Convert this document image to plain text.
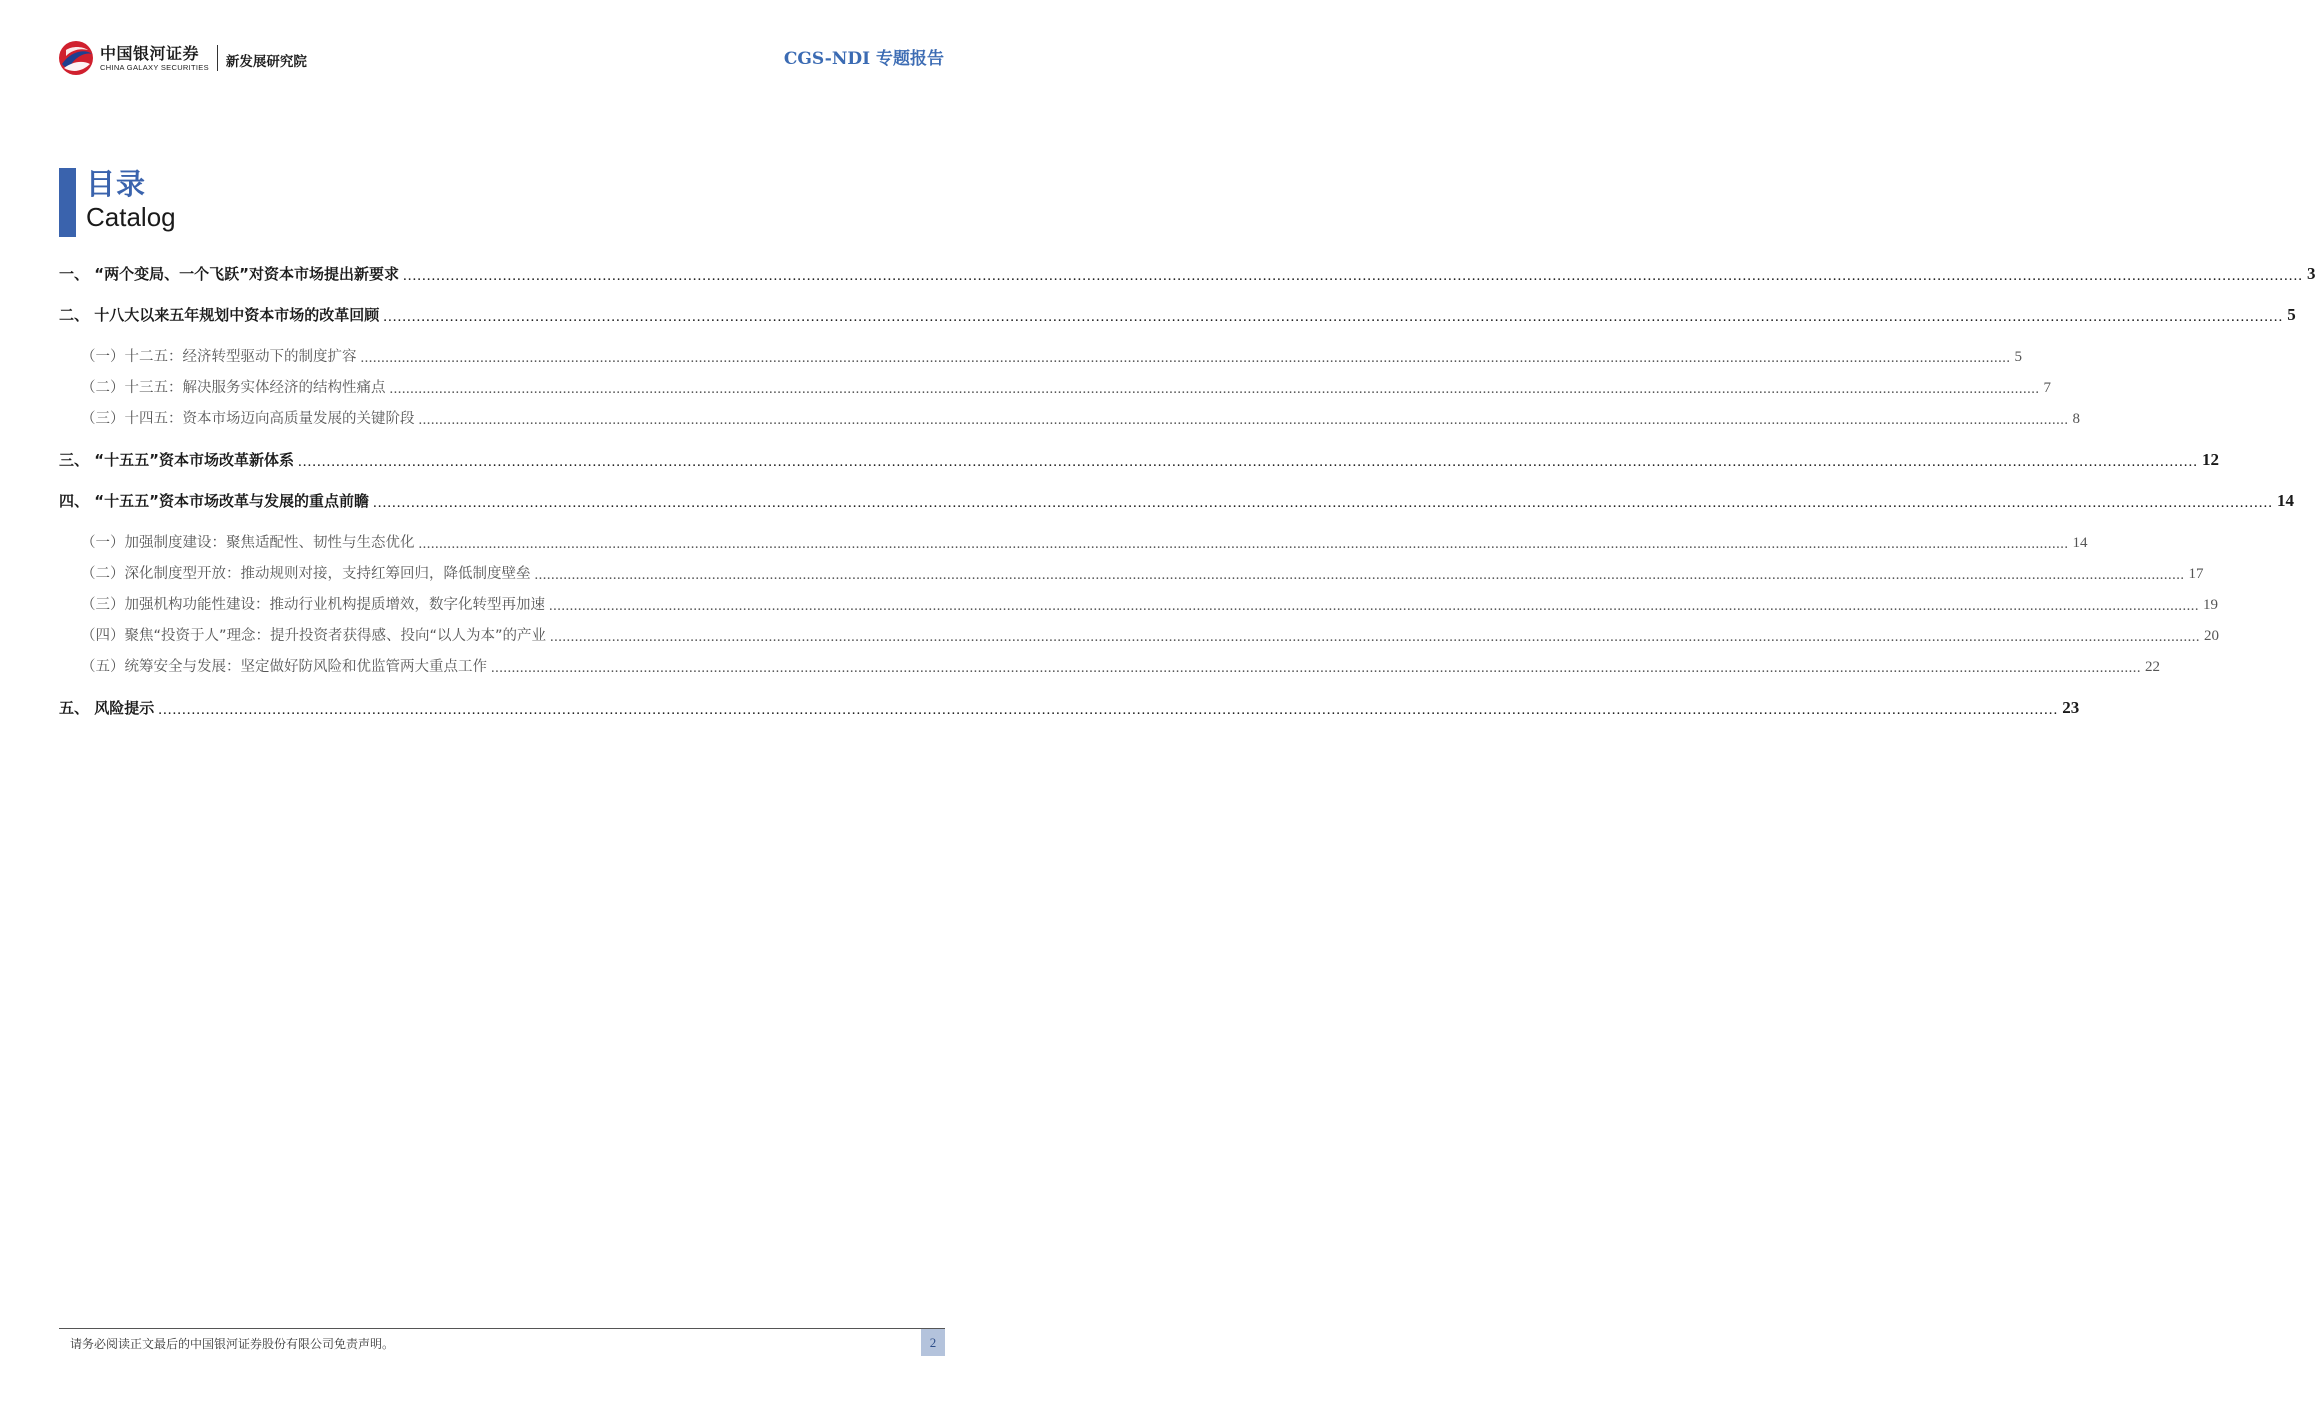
中国银河证券
CHINA GALAXY SECURITIES 新发展研究院	CGS-NDI 专题报告
目录
Catalog
一、 “两个变局、一个飞跃”对资本市场提出新要求 ................................................................................................................................................................................................................................................................................................................................................................................................................ 3
二、 十八大以来五年规划中资本市场的改革回顾 ................................................................................................................................................................................................................................................................................................................................................................................................................ 5
（一）十二五：经济转型驱动下的制度扩容 ................................................................................................................................................................................................................................................................................................................................................................................................................ 5
（二）十三五：解决服务实体经济的结构性痛点 ................................................................................................................................................................................................................................................................................................................................................................................................................ 7
（三）十四五：资本市场迈向高质量发展的关键阶段 ................................................................................................................................................................................................................................................................................................................................................................................................................ 8
三、 “十五五”资本市场改革新体系 ................................................................................................................................................................................................................................................................................................................................................................................................................ 12
四、 “十五五”资本市场改革与发展的重点前瞻 ................................................................................................................................................................................................................................................................................................................................................................................................................ 14
（一）加强制度建设：聚焦适配性、韧性与生态优化 ................................................................................................................................................................................................................................................................................................................................................................................................................ 14
（二）深化制度型开放：推动规则对接，支持红筹回归，降低制度壁垒 ................................................................................................................................................................................................................................................................................................................................................................................................................ 17
（三）加强机构功能性建设：推动行业机构提质增效，数字化转型再加速 ................................................................................................................................................................................................................................................................................................................................................................................................................ 19
（四）聚焦“投资于人”理念：提升投资者获得感、投向“以人为本”的产业 ................................................................................................................................................................................................................................................................................................................................................................................................................ 20
（五）统筹安全与发展：坚定做好防风险和优监管两大重点工作 ................................................................................................................................................................................................................................................................................................................................................................................................................ 22
五、 风险提示 ................................................................................................................................................................................................................................................................................................................................................................................................................ 23
请务必阅读正文最后的中国银河证券股份有限公司免责声明。	2
